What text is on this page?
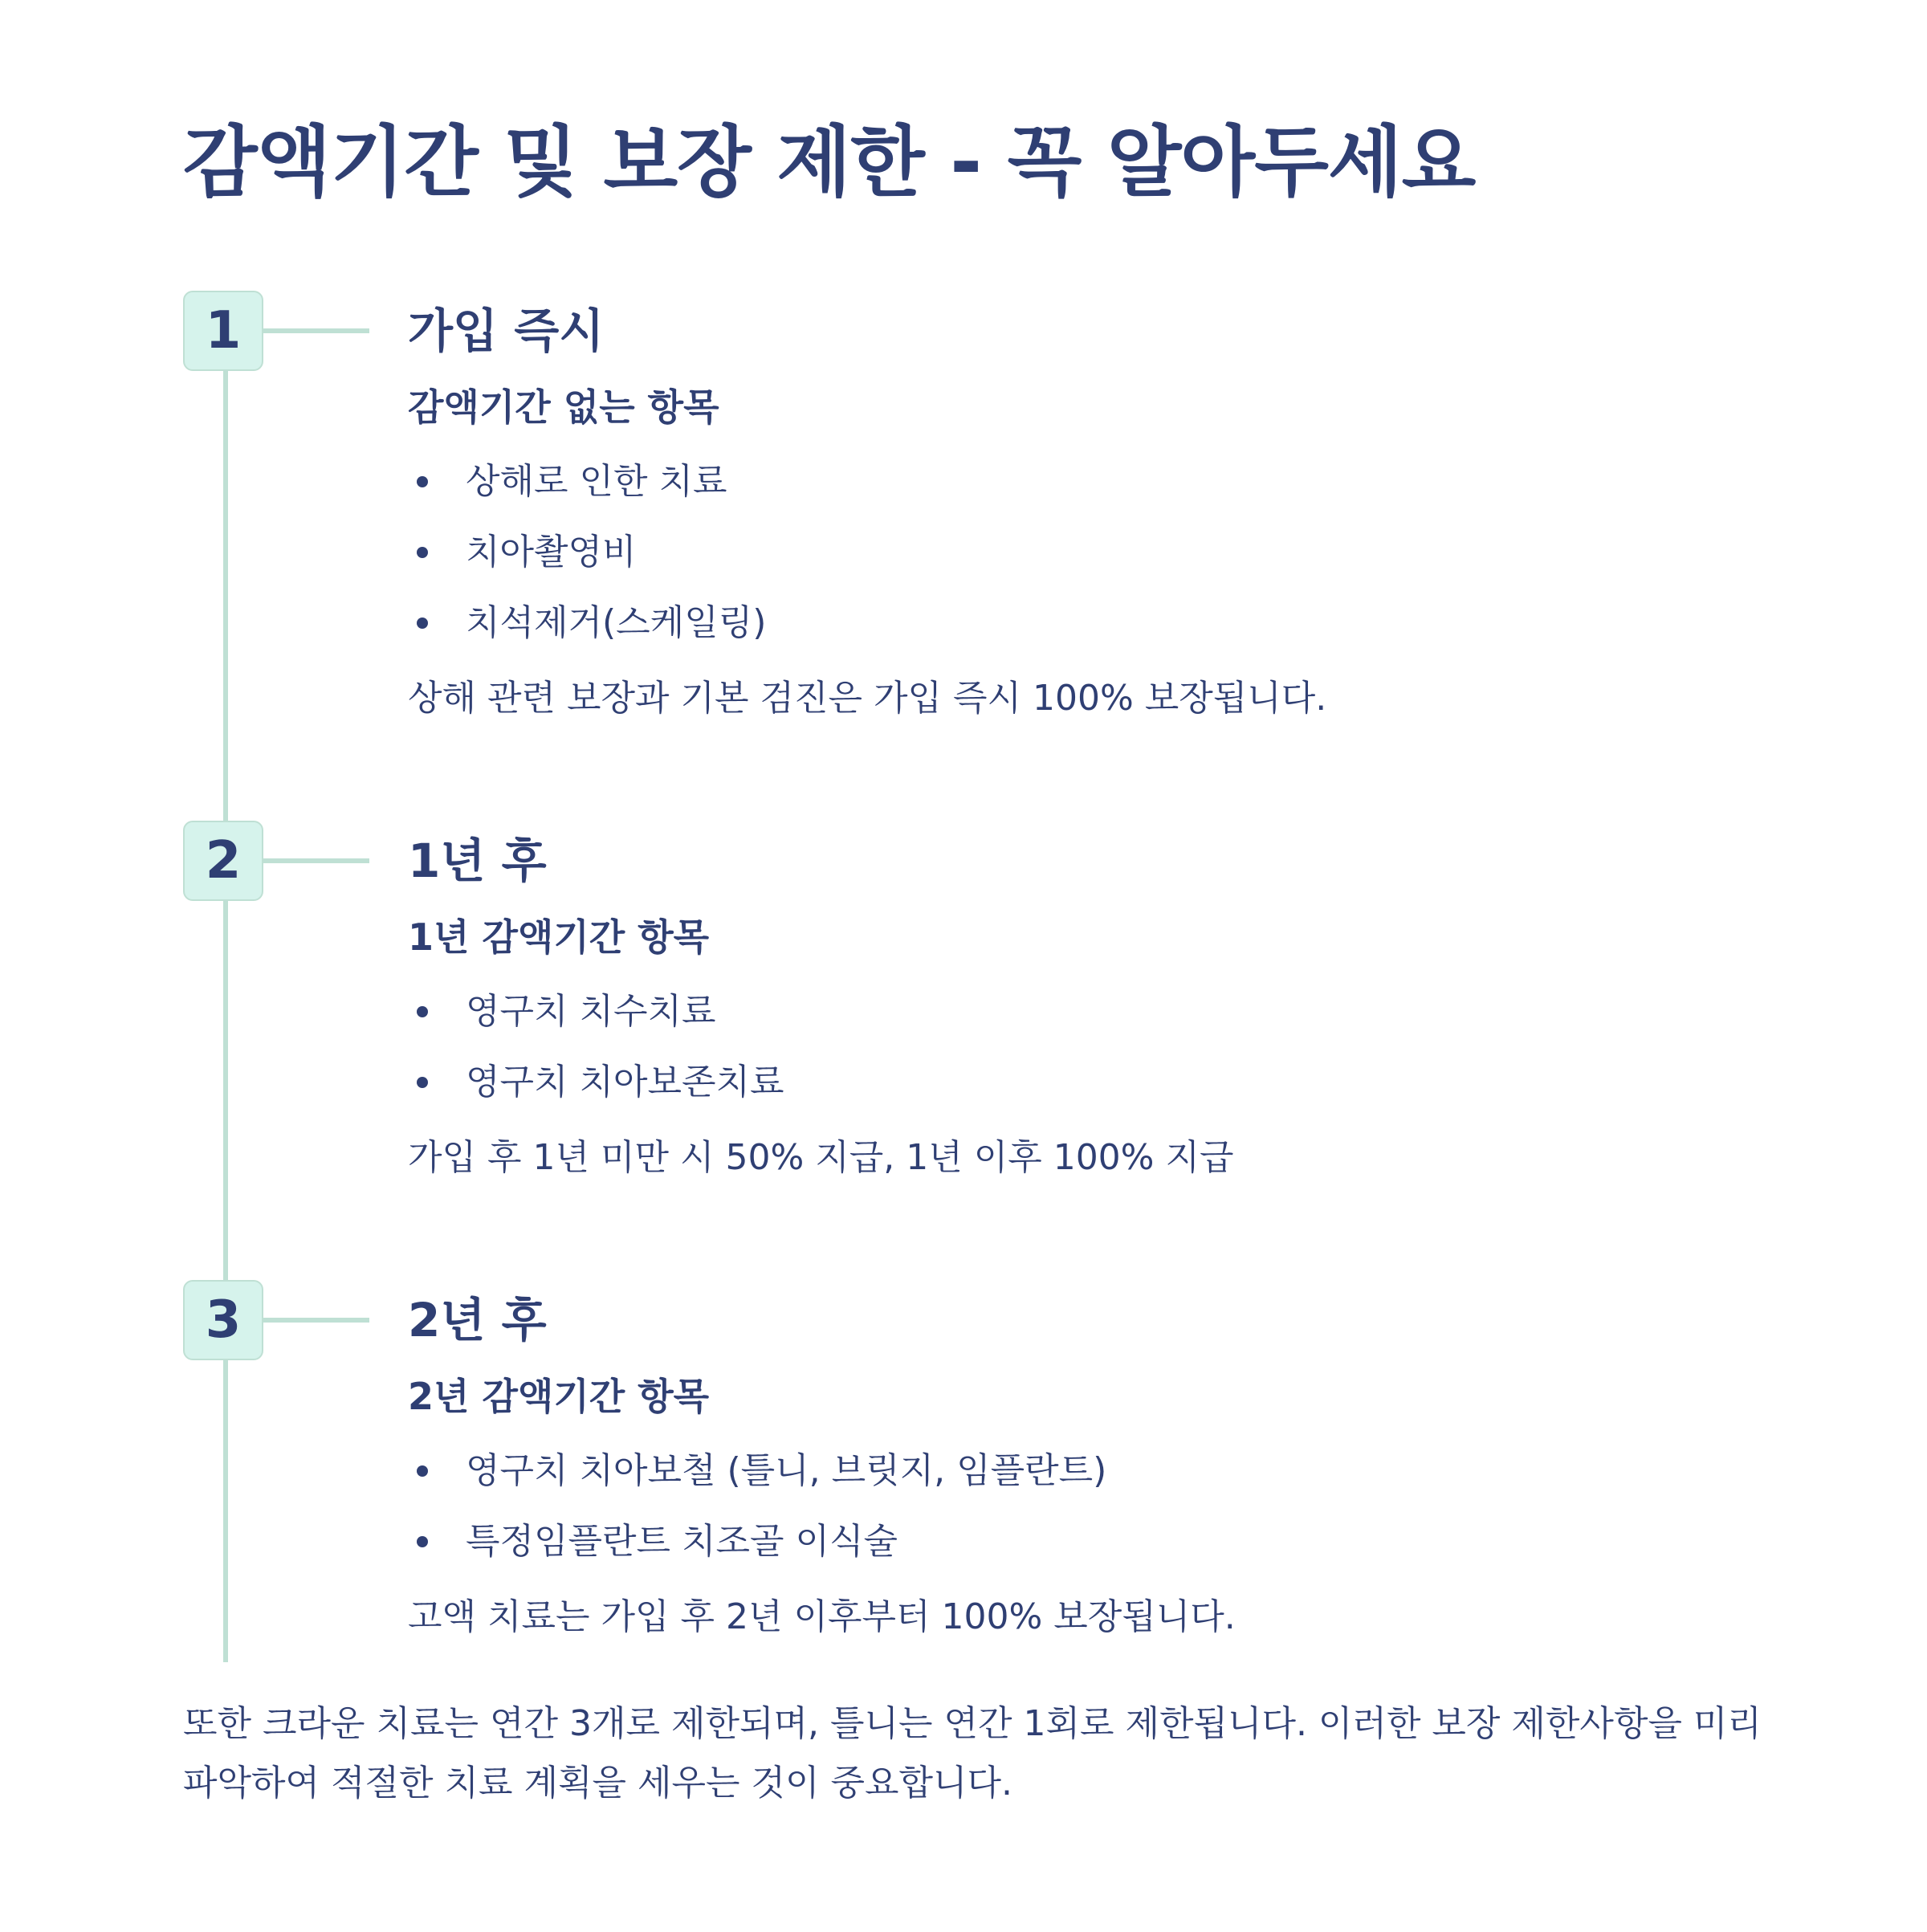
감액기간 및 보장 제한 - 꼭 알아두세요
1	가입 즉시
감액기간 없는 항목
상해로 인한 치료
치아촬영비
치석제거(스케일링)

상해 관련 보장과 기본 검진은 가입 즉시 100% 보장됩니다.

2	1년 후
1년 감액기간 항목
영구치 치수치료
영구치 치아보존치료

가입 후 1년 미만 시 50% 지급, 1년 이후 100% 지급

3	2년 후
2년 감액기간 항목
영구치 치아보철 (틀니, 브릿지, 임플란트)
특정임플란트 치조골 이식술

고액 치료는 가입 후 2년 이후부터 100% 보장됩니다.

또한 크라운 치료는 연간 3개로 제한되며, 틀니는 연간 1회로 제한됩니다. 이러한 보장 제한사항을 미리 파악하여 적절한 치료 계획을 세우는 것이 중요합니다.
